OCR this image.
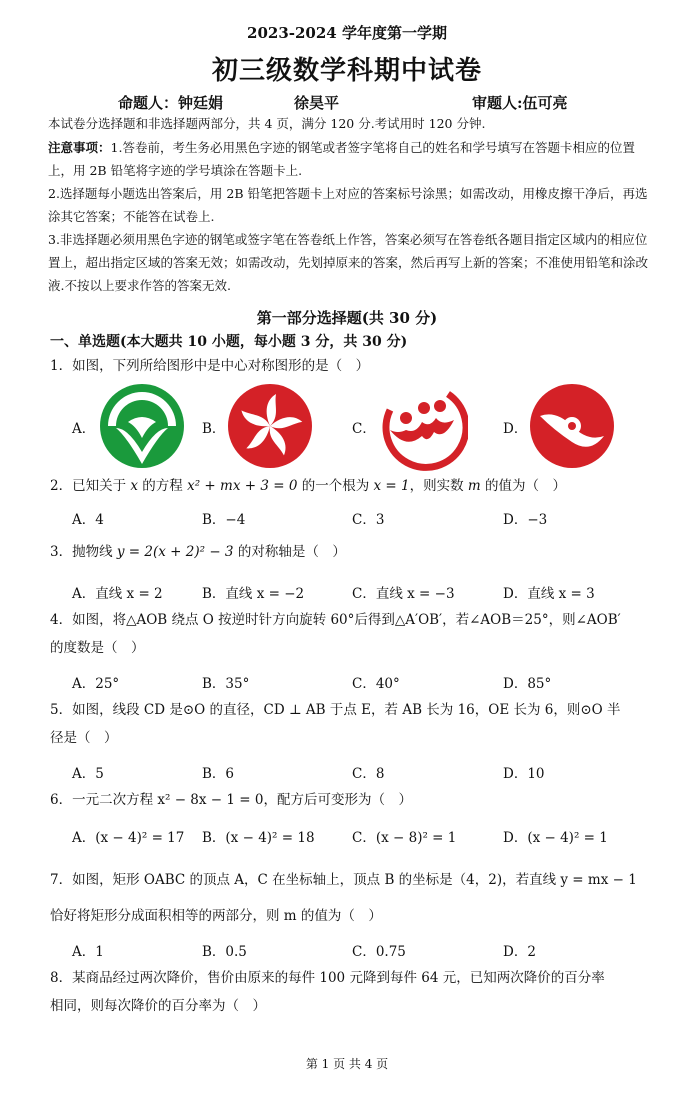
2023-2024 学年度第一学期
初三级数学科期中试卷
命题人：钟廷娟	徐昊平	审题人:伍可亮
本试卷分选择题和非选择题两部分，共 4 页，满分 120 分.考试用时 120 分钟.
注意事项：1.答卷前，考生务必用黑色字迹的钢笔或者签字笔将自己的姓名和学号填写在答题卡相应的位置上，用 2B 铅笔将字迹的学号填涂在答题卡上.
2.选择题每小题选出答案后，用 2B 铅笔把答题卡上对应的答案标号涂黑；如需改动，用橡皮擦干净后，再选涂其它答案；不能答在试卷上.
3.非选择题必须用黑色字迹的钢笔或签字笔在答卷纸上作答，答案必须写在答卷纸各题目指定区域内的相应位置上，超出指定区域的答案无效；如需改动，先划掉原来的答案，然后再写上新的答案；不准使用铅笔和涂改液.不按以上要求作答的答案无效.
第一部分选择题(共 30 分)
一、单选题(本大题共 10 小题，每小题 3 分，共 30 分)
1．如图，下列所给图形中是中心对称图形的是（　）
A．	B．	C．	D．
2．已知关于 x 的方程 x² + mx + 3 = 0 的一个根为 x = 1，则实数 m 的值为（　）
A．4	B．−4	C．3	D．−3
3．抛物线 y = 2(x + 2)² − 3 的对称轴是（　）
A．直线 x = 2	B．直线 x = −2	C．直线 x = −3	D．直线 x = 3
4．如图，将△AOB 绕点 O 按逆时针方向旋转 60°后得到△A′OB′，若∠AOB＝25°，则∠AOB′
的度数是（　）
A．25°	B．35°	C．40°	D．85°
5．如图，线段 CD 是⊙O 的直径，CD ⊥ AB 于点 E，若 AB 长为 16，OE 长为 6，则⊙O 半
径是（　）
A．5	B．6	C．8	D．10
6．一元二次方程 x² − 8x − 1 = 0，配方后可变形为（　）
A．(x − 4)² = 17 B．(x − 4)² = 18	C．(x − 8)² = 1	D．(x − 4)² = 1
7．如图，矩形 OABC 的顶点 A，C 在坐标轴上，顶点 B 的坐标是（4，2)，若直线 y = mx − 1
恰好将矩形分成面积相等的两部分，则 m 的值为（　）
A．1	B．0.5	C．0.75	D．2
8．某商品经过两次降价，售价由原来的每件 100 元降到每件 64 元，已知两次降价的百分率
相同，则每次降价的百分率为（　）
第 1 页 共 4 页
